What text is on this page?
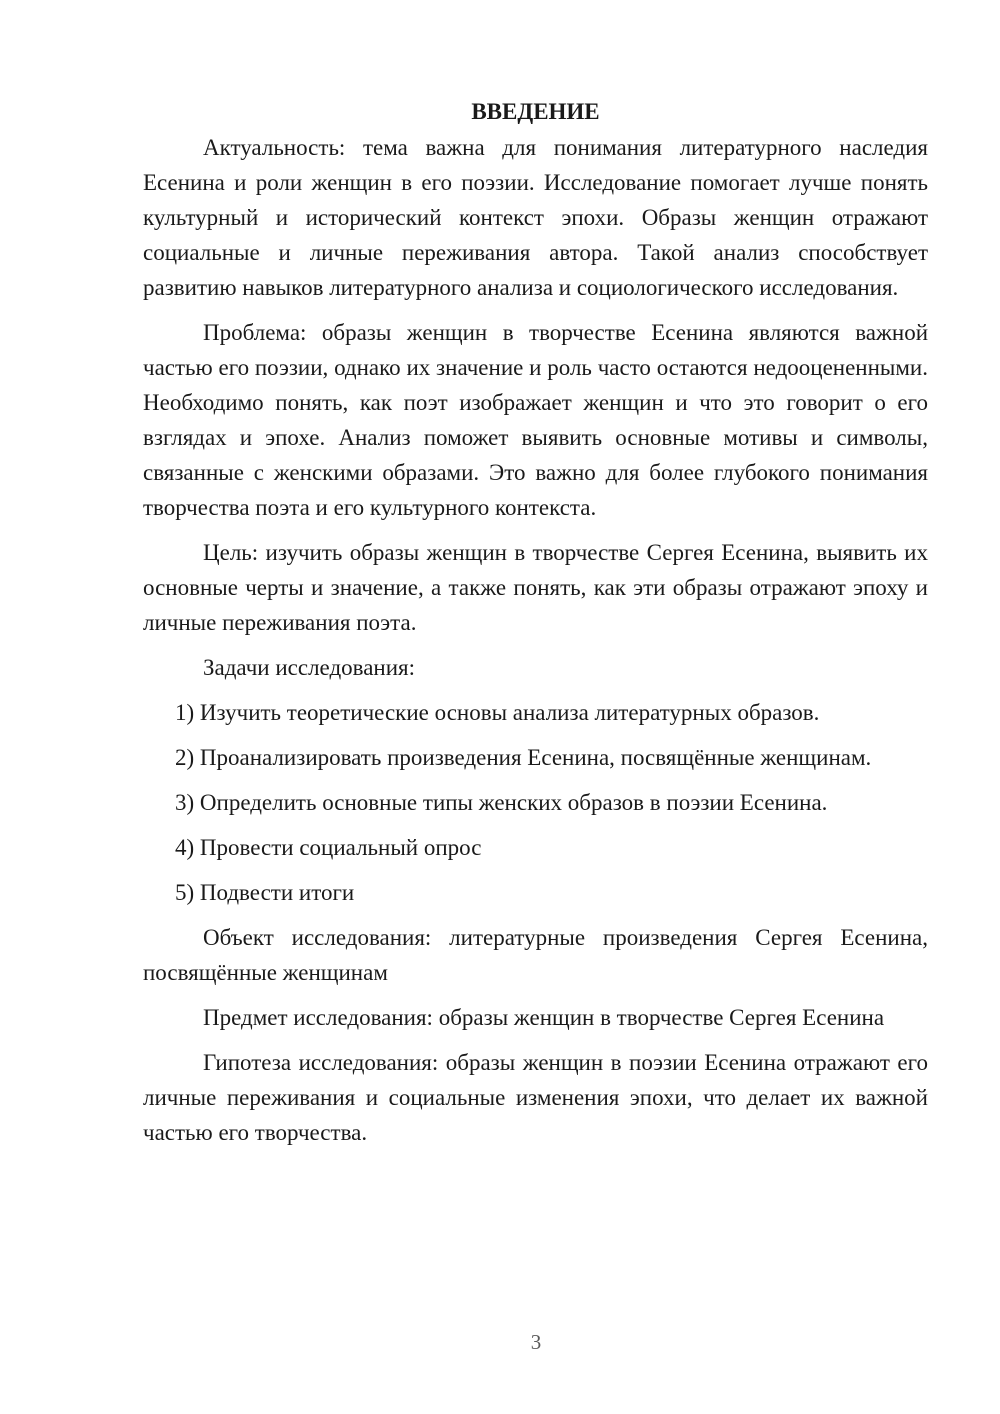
ВВЕДЕНИЕ

Актуальность: тема важна для понимания литературного наследия Есенина и роли женщин в его поэзии. Исследование помогает лучше понять культурный и исторический контекст эпохи. Образы женщин отражают социальные и личные переживания автора. Такой анализ способствует развитию навыков литературного анализа и социологического исследования.

Проблема: образы женщин в творчестве Есенина являются важной частью его поэзии, однако их значение и роль часто остаются недооцененными. Необходимо понять, как поэт изображает женщин и что это говорит о его взглядах и эпохе. Анализ поможет выявить основные мотивы и символы, связанные с женскими образами. Это важно для более глубокого понимания творчества поэта и его культурного контекста.

Цель: изучить образы женщин в творчестве Сергея Есенина, выявить их основные черты и значение, а также понять, как эти образы отражают эпоху и личные переживания поэта.

Задачи исследования:

1) Изучить теоретические основы анализа литературных образов.

2) Проанализировать произведения Есенина, посвящённые женщинам.

3) Определить основные типы женских образов в поэзии Есенина.

4) Провести социальный опрос

5) Подвести итоги

Объект исследования: литературные произведения Сергея Есенина, посвящённые женщинам

Предмет исследования: образы женщин в творчестве Сергея Есенина

Гипотеза исследования: образы женщин в поэзии Есенина отражают его личные переживания и социальные изменения эпохи, что делает их важной частью его творчества.

3
